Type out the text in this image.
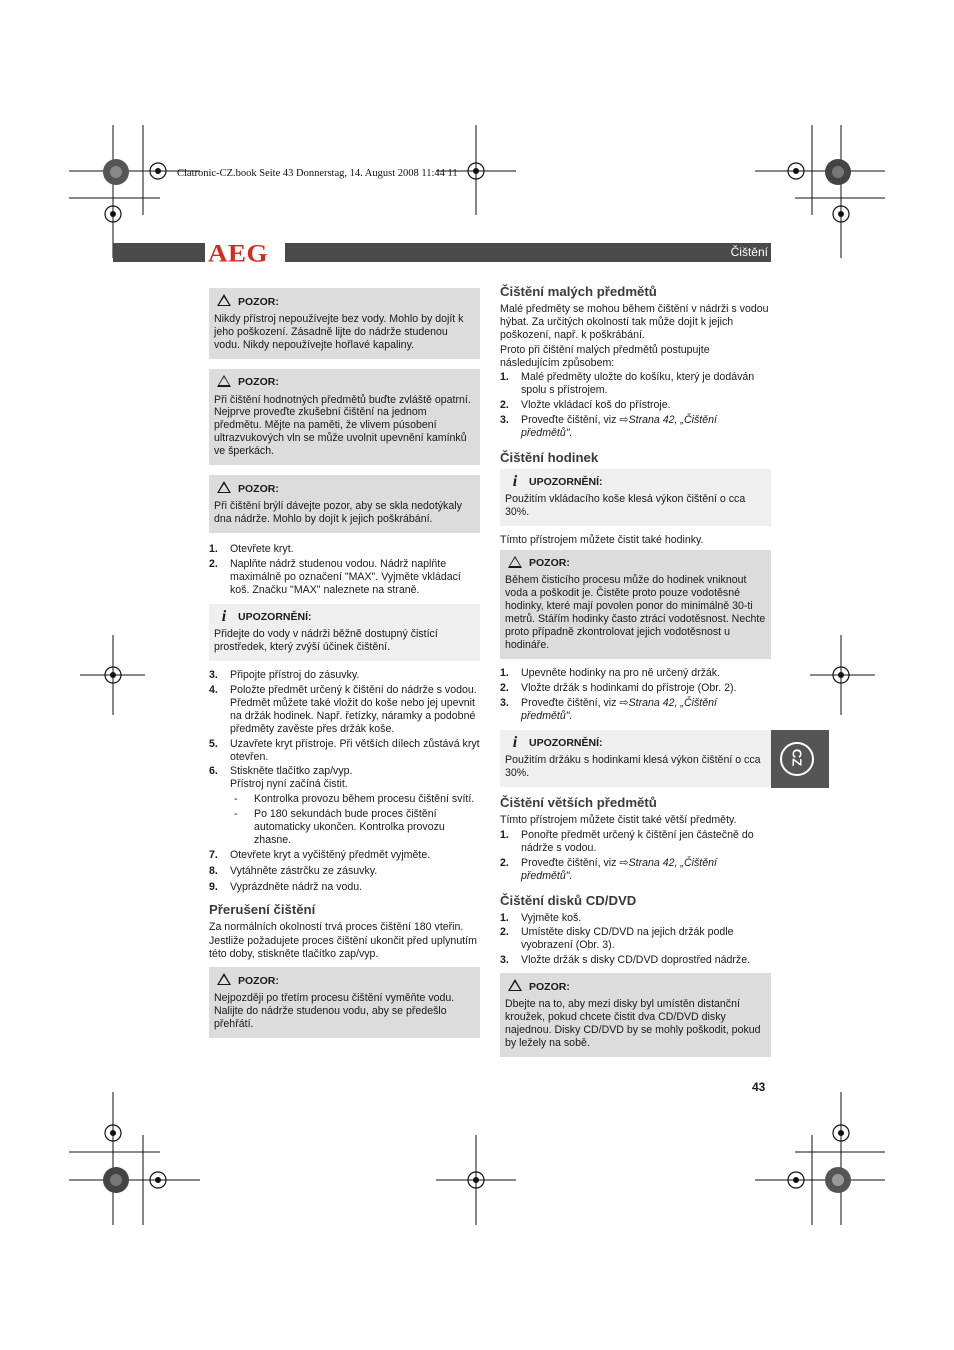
Clatronic-CZ.book Seite 43 Donnerstag, 14. August 2008 11:44 11
AEG	Čištění
POZOR:

Nikdy přístroj nepoužívejte bez vody. Mohlo by dojít k jeho poškození. Zásadně lijte do nádrže studenou vodu. Nikdy nepoužívejte hořlavé kapaliny.

POZOR:

Při čištění hodnotných předmětů buďte zvláště opatrní. Nejprve proveďte zkušební čištění na jednom předmětu. Mějte na paměti, že vlivem púsobení ultrazvukových vln se může uvolnit upevnění kamínků ve šperkách.

POZOR:

Při čištění brýlí dávejte pozor, aby se skla nedotýkaly dna nádrže. Mohlo by dojít k jejich poškrábání.

1.	Otevřete kryt.
2.	Naplňte nádrž studenou vodou. Nádrž naplňte maximálně po označení "MAX". Vyjměte vkládací koš. Značku "MAX" naleznete na straně.
i	UPOZORNĚNÍ:

Přidejte do vody v nádrži běžně dostupný čistící prostředek, který zvýší účinek čištění.

3.	Připojte přístroj do zásuvky.
4.	Položte předmět určený k čištění do nádrže s vodou. Předmět můžete také vložit do koše nebo jej upevnit na držák hodinek. Např. řetízky, náramky a podobné předměty zavěste přes držák koše.
5.	Uzavřete kryt přístroje. Při větších dílech zůstává kryt otevřen.
6.	Stiskněte tlačítko zap/vyp.
Přístroj nyní začíná čistit.
-	Kontrolka provozu během procesu čištění svítí.
-	Po 180 sekundách bude proces čištění automaticky ukončen. Kontrolka provozu zhasne.
7.	Otevřete kryt a vyčištěný předmět vyjměte.
8.	Vytáhněte zástrčku ze zásuvky.
9.	Vyprázdněte nádrž na vodu.
Přerušení čištění

Za normálních okolností trvá proces čištění 180 vteřin.

Jestliže požadujete proces čištění ukončit před uplynutím této doby, stiskněte tlačítko zap/vyp.

POZOR:

Nejpozději po třetím procesu čištění vyměňte vodu. Nalijte do nádrže studenou vodu, aby se předešlo přehřátí.

Čištění malých předmětů

Malé předměty se mohou během čištění v nádrži s vodou hýbat. Za určitých okolností tak může dojít k jejich poškození, např. k poškrábání.

Proto při čištění malých předmětů postupujte následujícím způsobem:

1.	Malé předměty uložte do košíku, který je dodáván spolu s přístrojem.
2.	Vložte vkládací koš do přístroje.
3.	Proveďte čištění, viz ⇨Strana 42, „Čištění předmětů".
Čištění hodinek
i	UPOZORNĚNÍ:

Použitím vkládacího koše klesá výkon čištění o cca 30%.

Tímto přístrojem můžete čistit také hodinky.

POZOR:

Během čisticího procesu může do hodinek vniknout voda a poškodit je. Čistěte proto pouze vodotěsné hodinky, které mají povolen ponor do minimálně 30-ti metrů. Stářím hodinky často ztrácí vodotěsnost. Nechte proto případně zkontrolovat jejich vodotěsnost u hodináře.

1.	Upevněte hodinky na pro ně určený držák.
2.	Vložte držák s hodinkami do přístroje (Obr. 2).
3.	Proveďte čištění, viz ⇨Strana 42, „Čištění předmětů".
i	UPOZORNĚNÍ:

Použitím držáku s hodinkami klesá výkon čištění o cca 30%.

Čištění větších předmětů

Tímto přístrojem můžete čistit také větší předměty.

1.	Ponořte předmět určený k čištění jen částečně do nádrže s vodou.
2.	Proveďte čištění, viz ⇨Strana 42, „Čištění předmětů".
Čištění disků CD/DVD
1.	Vyjměte koš.
2.	Umístěte disky CD/DVD na jejich držák podle vyobrazení (Obr. 3).
3.	Vložte držák s disky CD/DVD doprostřed nádrže.
POZOR:

Dbejte na to, aby mezi disky byl umístěn distanční kroužek, pokud chcete čistit dva CD/DVD disky najednou. Disky CD/DVD by se mohly poškodit, pokud by ležely na sobě.

CZ
43
